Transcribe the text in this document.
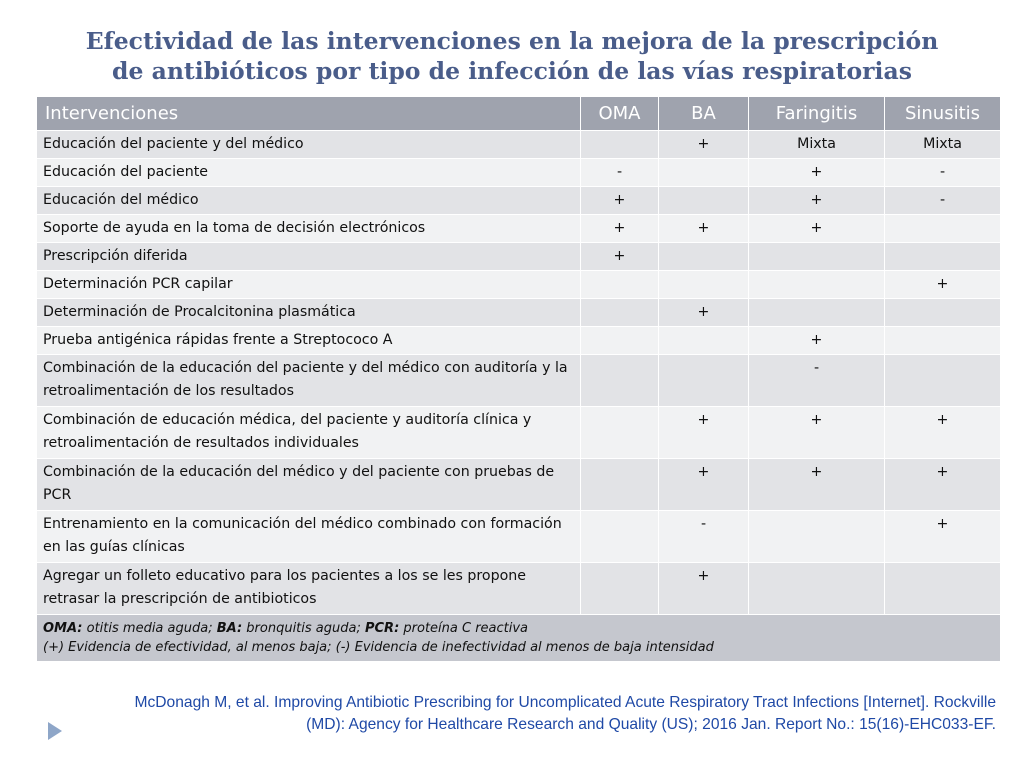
Efectividad de las intervenciones en la mejora de la prescripción
de antibióticos por tipo de infección de las vías respiratorias
Intervenciones	OMA	BA	Faringitis	Sinusitis
Educación del paciente y del médico		+	Mixta	Mixta
Educación del paciente	-		+	-
Educación del médico	+		+	-
Soporte de ayuda en la toma de decisión electrónicos	+	+	+	
Prescripción diferida	+			
Determinación PCR capilar				+
Determinación de Procalcitonina plasmática		+		
Prueba antigénica rápidas frente a Streptococo A			+	
Combinación de la educación del paciente y del médico con auditoría y la retroalimentación de los resultados			-	
Combinación de educación médica, del paciente y auditoría clínica y retroalimentación de resultados individuales		+	+	+
Combinación de la educación del médico y del paciente con pruebas de PCR		+	+	+
Entrenamiento en la comunicación del médico combinado con formación en las guías clínicas		-		+
Agregar un folleto educativo para los pacientes a los se les propone retrasar la prescripción de antibioticos		+		

OMA: otitis media aguda; BA: bronquitis aguda; PCR: proteína C reactiva
(+) Evidencia de efectividad, al menos baja; (-) Evidencia de inefectividad al menos de baja intensidad				
McDonagh M, et al. Improving Antibiotic Prescribing for Uncomplicated Acute Respiratory Tract Infections [Internet]. Rockville
(MD): Agency for Healthcare Research and Quality (US); 2016 Jan. Report No.: 15(16)-EHC033-EF.
